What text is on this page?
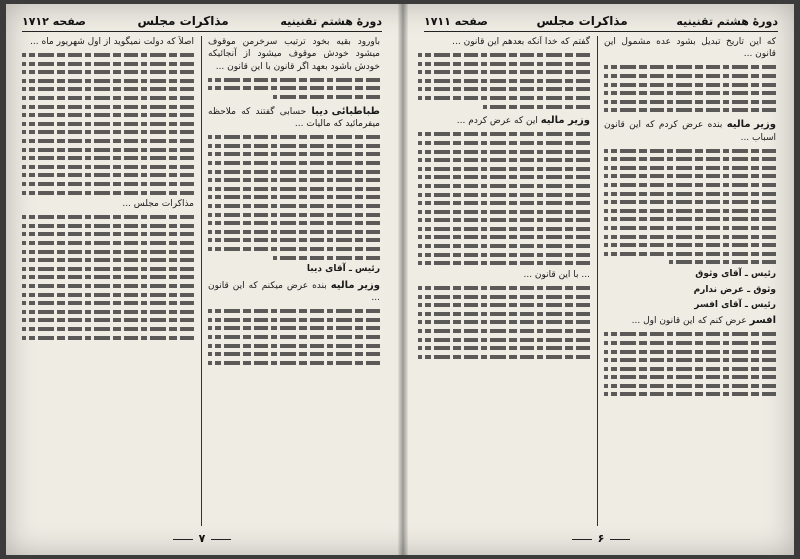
دورهٔ هشتم تقنینیه
مذاکرات مجلس
صفحه ۱۷۱۲

باورود بقیه بخود ترتیب سرخرمن موقوف میشود خودش موقوف میشود از آنجائیکه خودش باشود بعهد اگر قانون با این قانون ...

طباطبائی دیبا حسابی گفتند که ملاحظه میفرمائید که مالیات ...

رئیس ـ آقای دیبا

وزیر مالیه بنده عرض میکنم که این قانون ...

اصلاً که دولت نمیگوید از اول شهریور ماه ...

مذاکرات مجلس ...

۷
دورهٔ هشتم تقنینیه
مذاکرات مجلس
صفحه ۱۷۱۱

که این تاریخ تبدیل بشود عده مشمول این قانون ...

وزیر مالیه بنده عرض کردم که این قانون اسباب ...

رئیس ـ آقای وثوق
وثوق ـ عرض ندارم
رئیس ـ آقای افسر

افسر عرض کنم که این قانون اول ...

گفتم که خدا آنکه بعدهم این قانون ...

وزیر مالیه این که عرض کردم ...

... با این قانون ...

۶
